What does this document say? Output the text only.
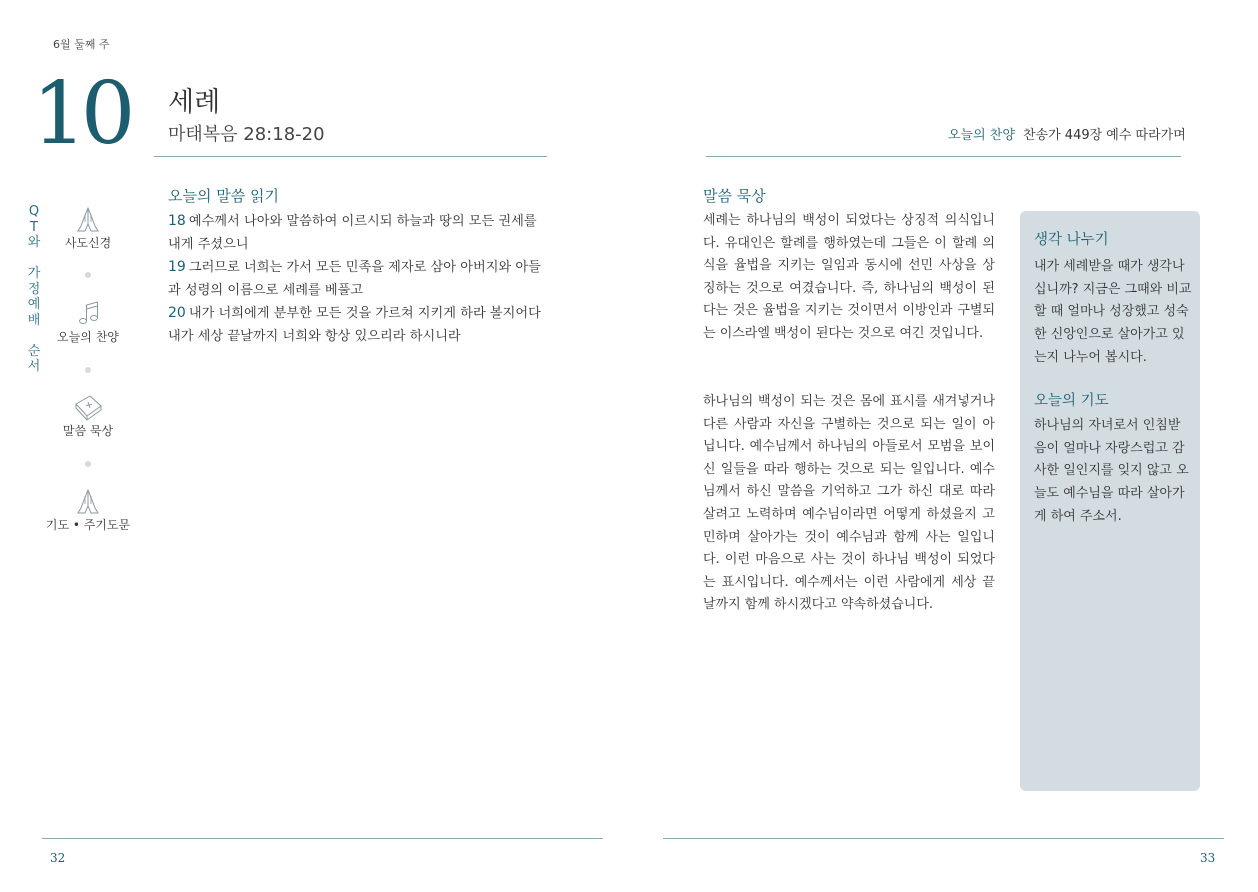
6월 둘째 주
10 세례
마태복음 28:18-20
Q
T
와
가
정
예
배
순
서
사도신경
오늘의 찬양
말씀 묵상
기도 • 주기도문
오늘의 말씀 읽기
18 예수께서 나아와 말씀하여 이르시되 하늘과 땅의 모든 권세를 내게 주셨으니
19 그러므로 너희는 가서 모든 민족을 제자로 삼아 아버지와 아들과 성령의 이름으로 세례를 베풀고
20 내가 너희에게 분부한 모든 것을 가르쳐 지키게 하라 볼지어다 내가 세상 끝날까지 너희와 항상 있으리라 하시니라
32
오늘의 찬양 찬송가 449장 예수 따라가며
말씀 묵상
세례는 하나님의 백성이 되었다는 상징적 의식입니다. 유대인은 할례를 행하였는데 그들은 이 할례 의식을 율법을 지키는 일임과 동시에 선민 사상을 상징하는 것으로 여겼습니다. 즉, 하나님의 백성이 된다는 것은 율법을 지키는 것이면서 이방인과 구별되는 이스라엘 백성이 된다는 것으로 여긴 것입니다.
하나님의 백성이 되는 것은 몸에 표시를 새겨넣거나 다른 사람과 자신을 구별하는 것으로 되는 일이 아닙니다. 예수님께서 하나님의 아들로서 모범을 보이신 일들을 따라 행하는 것으로 되는 일입니다. 예수님께서 하신 말씀을 기억하고 그가 하신 대로 따라 살려고 노력하며 예수님이라면 어떻게 하셨을지 고민하며 살아가는 것이 예수님과 함께 사는 일입니다. 이런 마음으로 사는 것이 하나님 백성이 되었다는 표시입니다. 예수께서는 이런 사람에게 세상 끝날까지 함께 하시겠다고 약속하셨습니다.
생각 나누기
내가 세례받을 때가 생각나십니까? 지금은 그때와 비교할 때 얼마나 성장했고 성숙한 신앙인으로 살아가고 있는지 나누어 봅시다.
오늘의 기도
하나님의 자녀로서 인침받음이 얼마나 자랑스럽고 감사한 일인지를 잊지 않고 오늘도 예수님을 따라 살아가게 하여 주소서.
33
